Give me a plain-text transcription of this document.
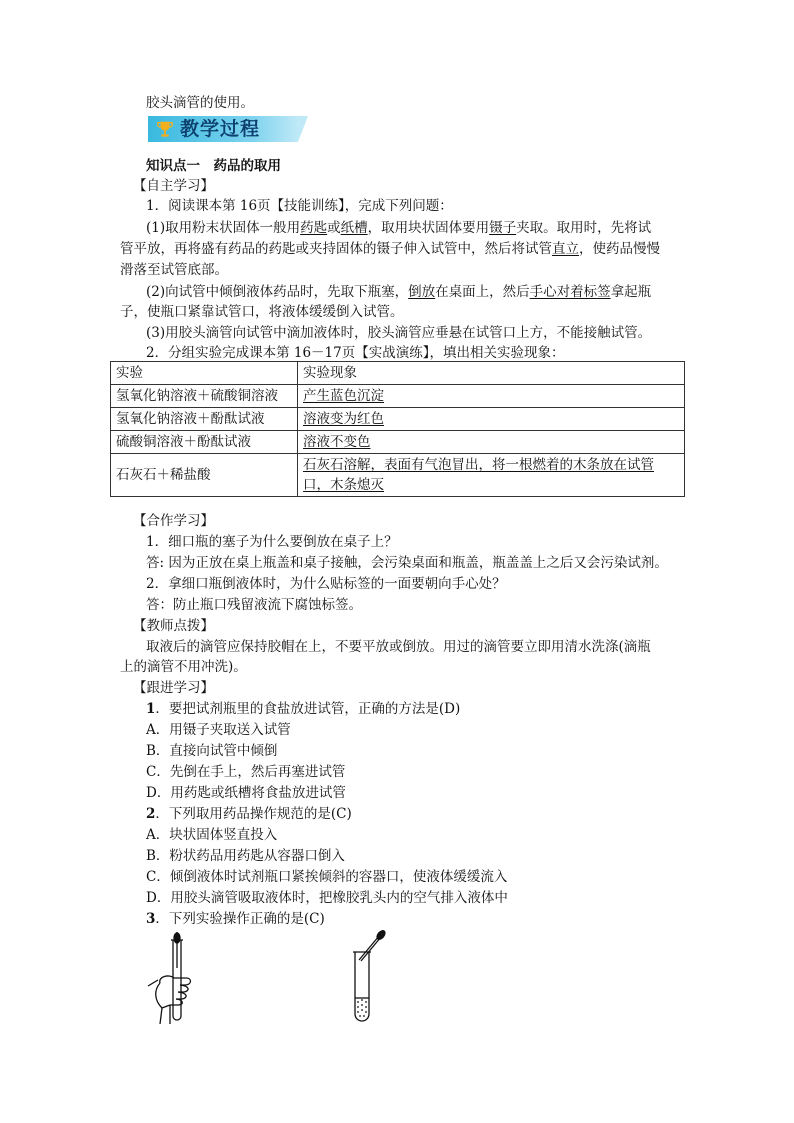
胶头滴管的使用。
教学过程
知识点一　药品的取用
【自主学习】
1．阅读课本第 16页【技能训练】，完成下列问题：
(1)取用粉末状固体一般用药匙或纸槽，取用块状固体要用镊子夹取。取用时，先将试
管平放，再将盛有药品的药匙或夹持固体的镊子伸入试管中，然后将试管直立，使药品慢慢
滑落至试管底部。
(2)向试管中倾倒液体药品时，先取下瓶塞，倒放在桌面上，然后手心对着标签拿起瓶
子，使瓶口紧靠试管口，将液体缓缓倒入试管。
(3)用胶头滴管向试管中滴加液体时，胶头滴管应垂悬在试管口上方，不能接触试管。
2．分组实验完成课本第 16－17页【实战演练】，填出相关实验现象：
实验	实验现象
氢氧化钠溶液＋硫酸铜溶液	产生蓝色沉淀
氢氧化钠溶液＋酚酞试液	溶液变为红色
硫酸铜溶液＋酚酞试液	溶液不变色
石灰石＋稀盐酸	石灰石溶解，表面有气泡冒出，将一根燃着的木条放在试管口，木条熄灭
【合作学习】
1．细口瓶的塞子为什么要倒放在桌子上？
答: 因为正放在桌上瓶盖和桌子接触，会污染桌面和瓶盖，瓶盖盖上之后又会污染试剂。
2．拿细口瓶倒液体时，为什么贴标签的一面要朝向手心处？
答：防止瓶口残留液流下腐蚀标签。
【教师点拨】
取液后的滴管应保持胶帽在上，不要平放或倒放。用过的滴管要立即用清水洗涤(滴瓶
上的滴管不用冲洗)。
【跟进学习】
1．要把试剂瓶里的食盐放进试管，正确的方法是(D)
A．用镊子夹取送入试管
B．直接向试管中倾倒
C．先倒在手上，然后再塞进试管
D．用药匙或纸槽将食盐放进试管
2．下列取用药品操作规范的是(C)
A．块状固体竖直投入
B．粉状药品用药匙从容器口倒入
C．倾倒液体时试剂瓶口紧挨倾斜的容器口，使液体缓缓流入
D．用胶头滴管吸取液体时，把橡胶乳头内的空气排入液体中
3．下列实验操作正确的是(C)
